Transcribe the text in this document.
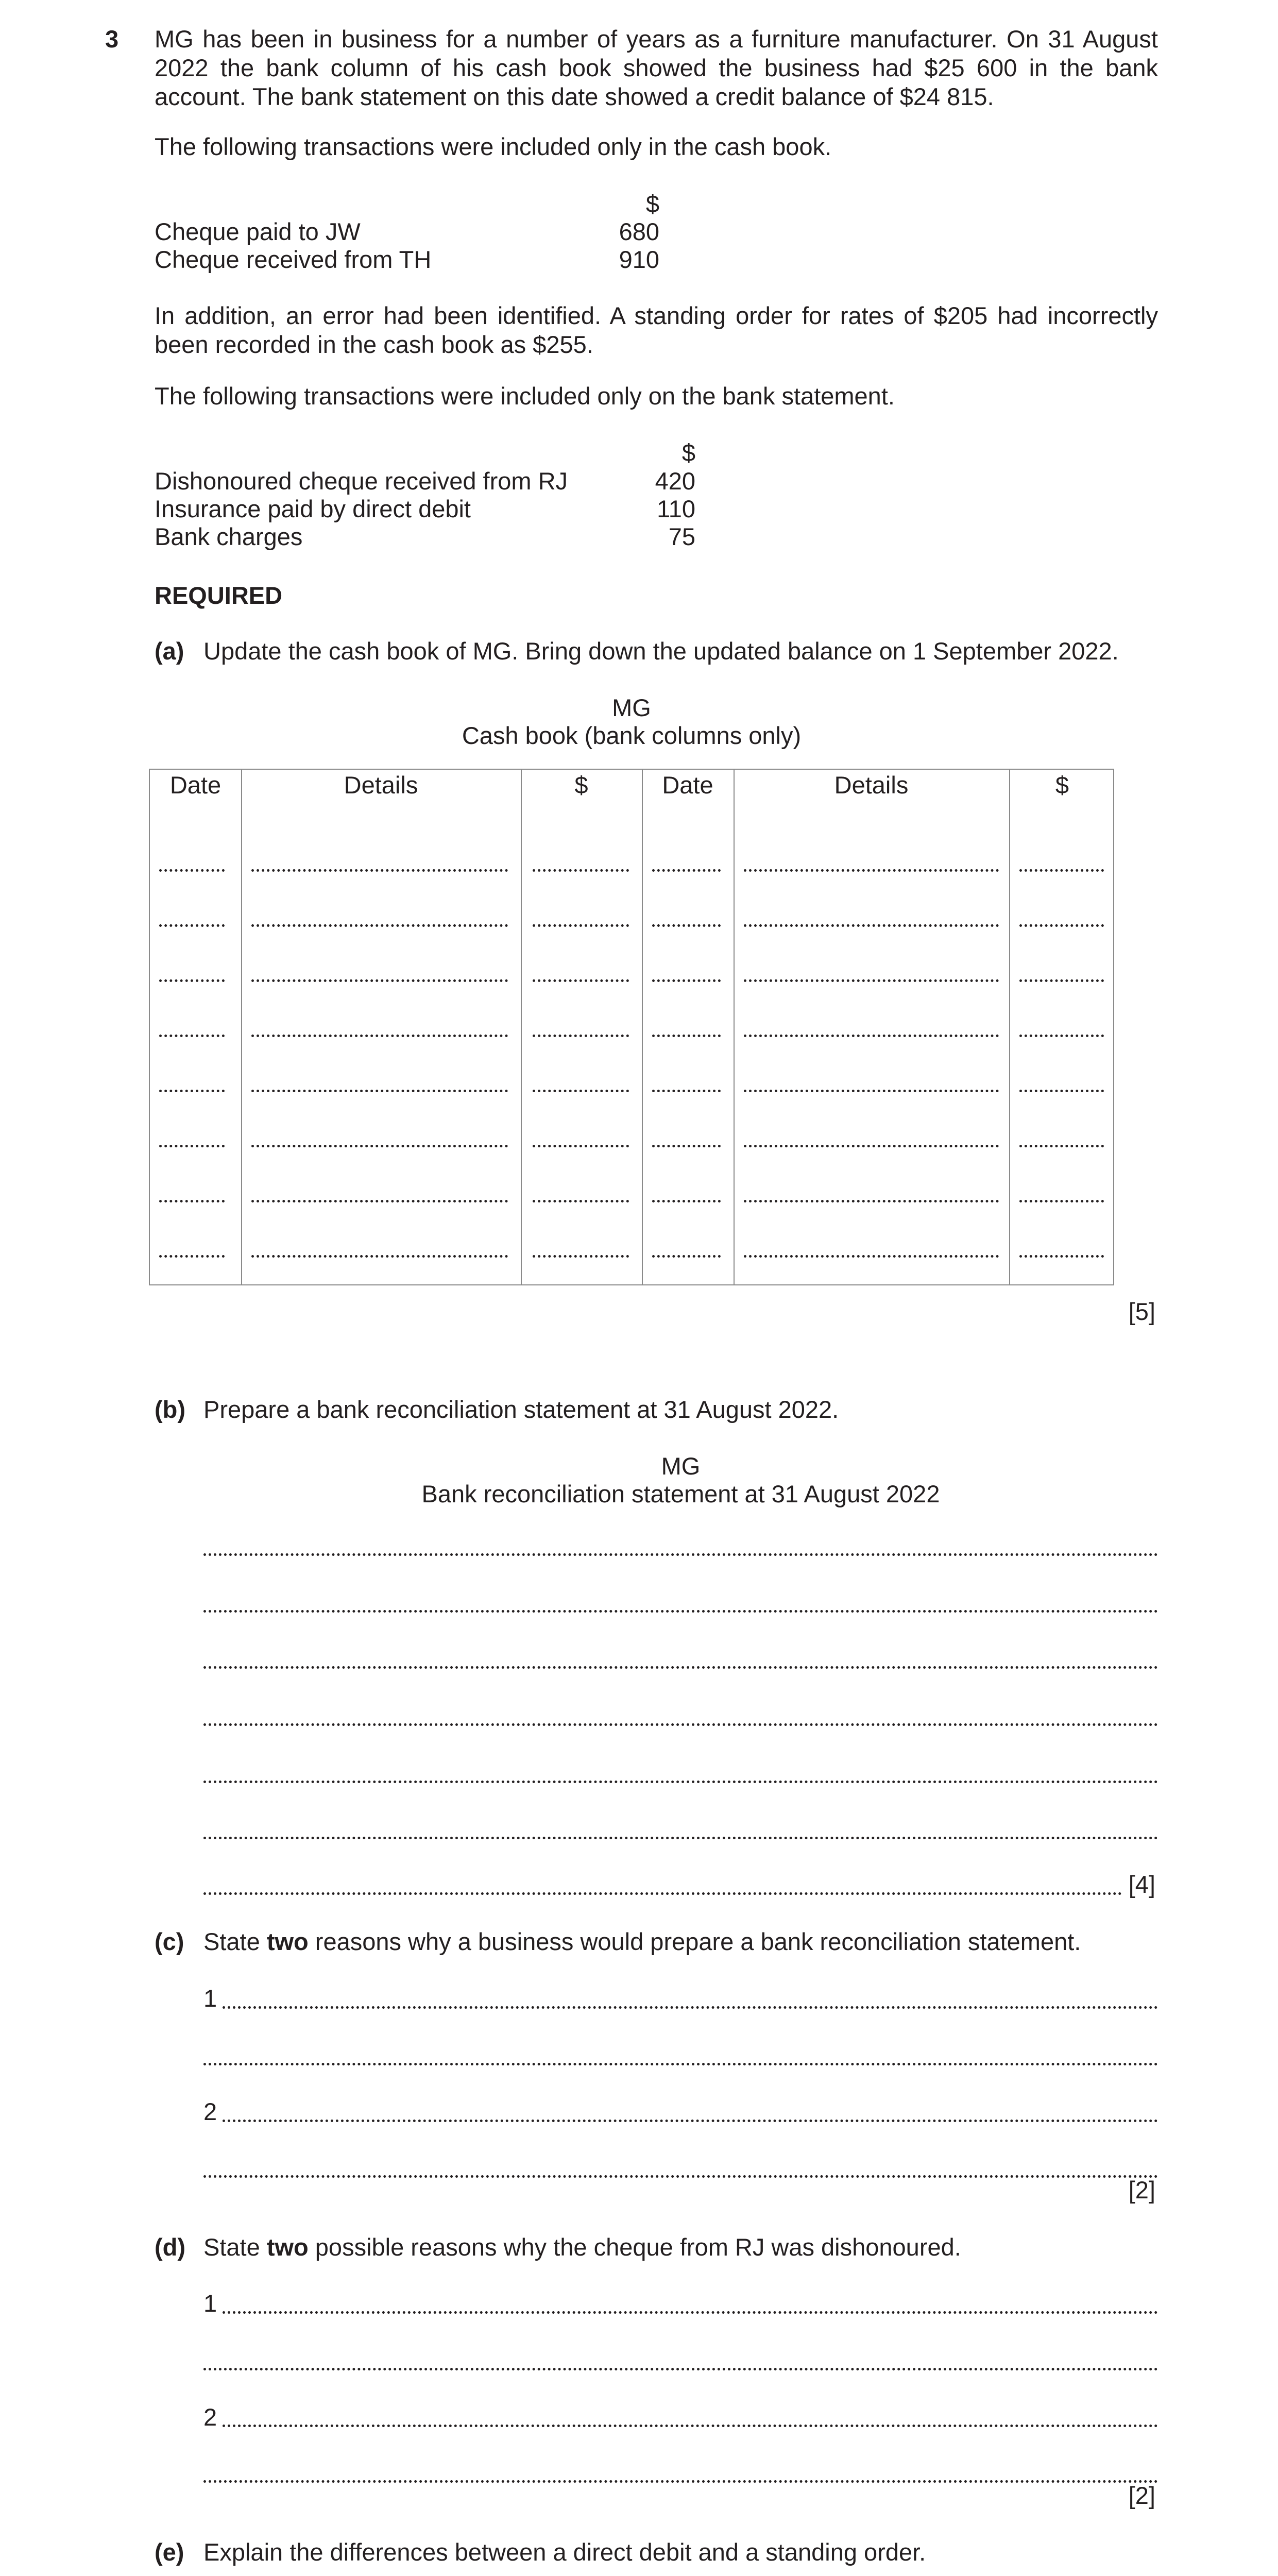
3 MG has been in business for a number of years as a furniture manufacturer. On 31 August 2022 the bank column of his cash book showed the business had $25 600 in the bank account. The bank statement on this date showed a credit balance of $24 815.
The following transactions were included only in the cash book.
$
Cheque paid to JW	680
Cheque received from TH	910
In addition, an error had been identified. A standing order for rates of $205 had incorrectly been recorded in the cash book as $255.
The following transactions were included only on the bank statement.
$
Dishonoured cheque received from RJ	420
Insurance paid by direct debit	110
Bank charges	75
REQUIRED
(a) Update the cash book of MG. Bring down the updated balance on 1 September 2022.
MG
Cash book (bank columns only)
Date	Details	$	Date	Details	$
[5]
(b) Prepare a bank reconciliation statement at 31 August 2022.
MG
Bank reconciliation statement at 31 August 2022
[4]
(c) State two reasons why a business would prepare a bank reconciliation statement.
1
2
[2]
(d) State two possible reasons why the cheque from RJ was dishonoured.
1
2
[2]
(e) Explain the differences between a direct debit and a standing order.
